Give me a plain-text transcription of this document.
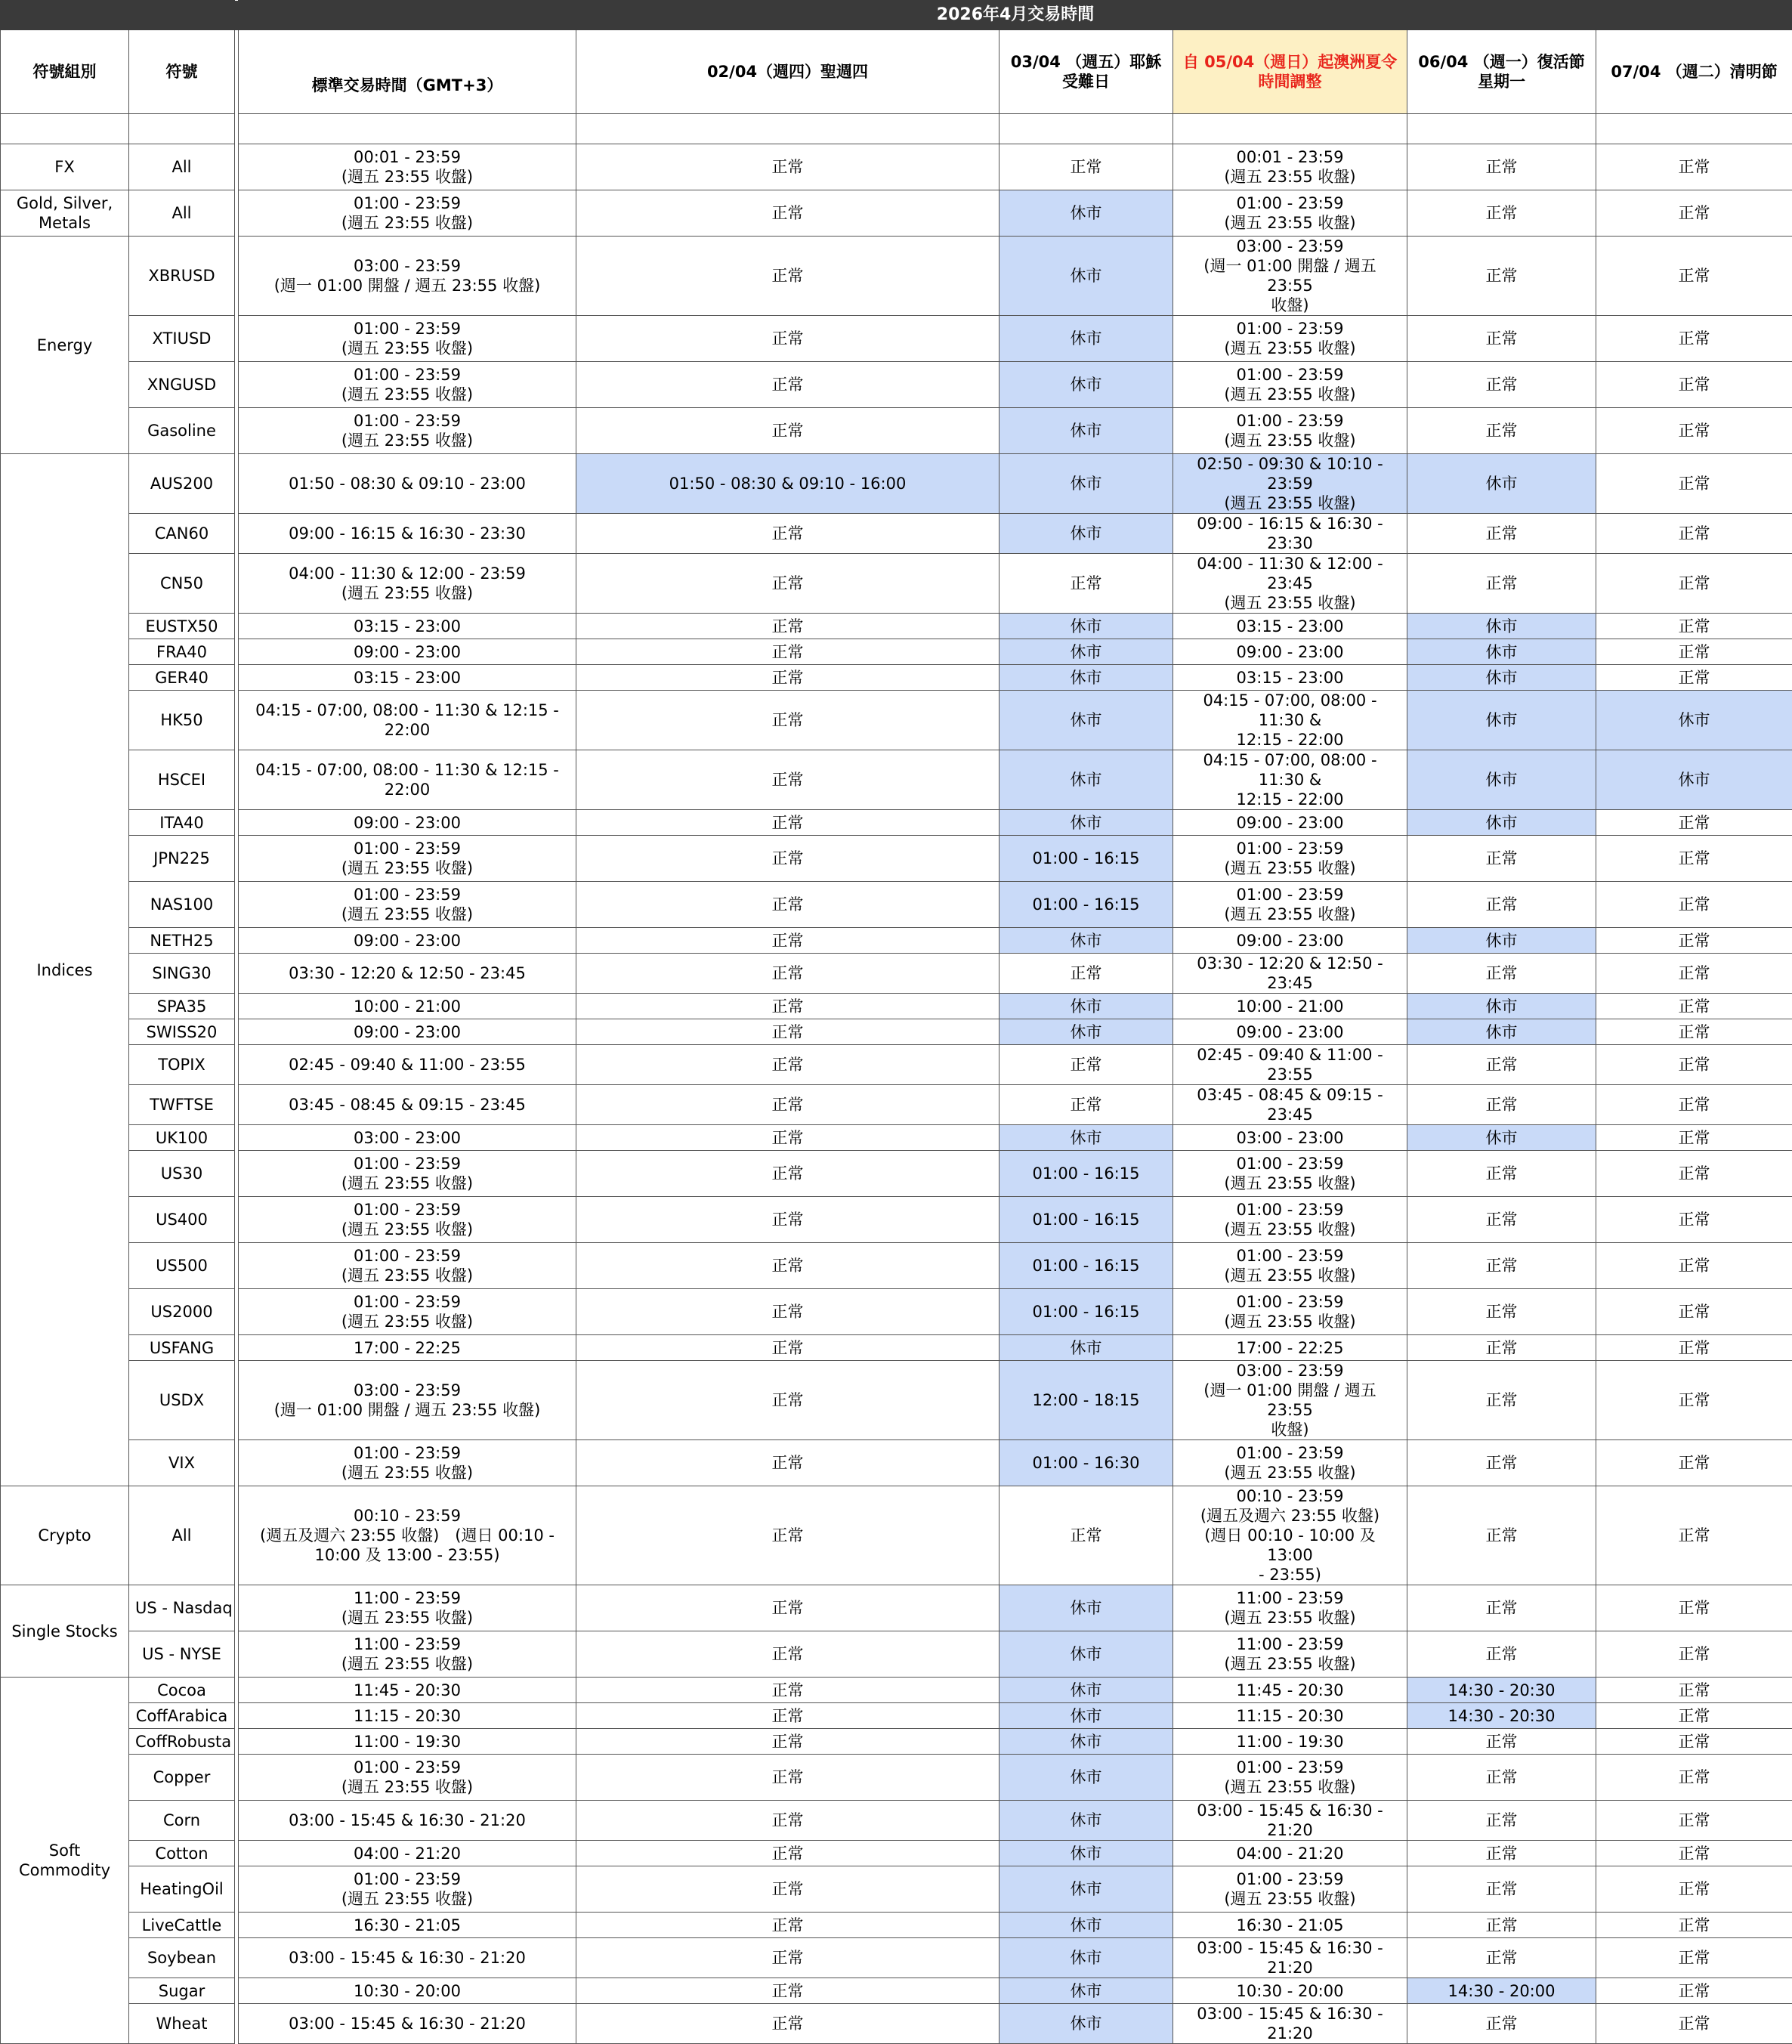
			2026年4月交易時間					
符號組別	符號		標準交易時間（GMT+3）	02/04（週四）聖週四	03/04 （週五）耶穌受難日	自 05/04（週日）起澳洲夏令時間調整	06/04 （週一）復活節星期一	07/04 （週二）清明節

FX	All		00:01 - 23:59
(週五 23:55 收盤)	正常	正常	00:01 - 23:59
(週五 23:55 收盤)	正常	正常
Gold, Silver, Metals	All		01:00 - 23:59
(週五 23:55 收盤)	正常	休市	01:00 - 23:59
(週五 23:55 收盤)	正常	正常
Energy	XBRUSD		03:00 - 23:59
(週一 01:00 開盤 / 週五 23:55 收盤)	正常	休市	03:00 - 23:59
(週一 01:00 開盤 / 週五 23:55
收盤)	正常	正常
	XTIUSD		01:00 - 23:59
(週五 23:55 收盤)	正常	休市	01:00 - 23:59
(週五 23:55 收盤)	正常	正常
	XNGUSD		01:00 - 23:59
(週五 23:55 收盤)	正常	休市	01:00 - 23:59
(週五 23:55 收盤)	正常	正常
	Gasoline		01:00 - 23:59
(週五 23:55 收盤)	正常	休市	01:00 - 23:59
(週五 23:55 收盤)	正常	正常
Indices	AUS200		01:50 - 08:30 & 09:10 - 23:00	01:50 - 08:30 & 09:10 - 16:00	休市	02:50 - 09:30 & 10:10 - 23:59
(週五 23:55 收盤)	休市	正常
	CAN60		09:00 - 16:15 & 16:30 - 23:30	正常	休市	09:00 - 16:15 & 16:30 - 23:30	正常	正常
	CN50		04:00 - 11:30 & 12:00 - 23:59
(週五 23:55 收盤)	正常	正常	04:00 - 11:30 & 12:00 - 23:45
(週五 23:55 收盤)	正常	正常
	EUSTX50		03:15 - 23:00	正常	休市	03:15 - 23:00	休市	正常
	FRA40		09:00 - 23:00	正常	休市	09:00 - 23:00	休市	正常
	GER40		03:15 - 23:00	正常	休市	03:15 - 23:00	休市	正常
	HK50		04:15 - 07:00, 08:00 - 11:30 & 12:15 - 22:00	正常	休市	04:15 - 07:00, 08:00 - 11:30 &
12:15 - 22:00	休市	休市
	HSCEI		04:15 - 07:00, 08:00 - 11:30 & 12:15 - 22:00	正常	休市	04:15 - 07:00, 08:00 - 11:30 &
12:15 - 22:00	休市	休市
	ITA40		09:00 - 23:00	正常	休市	09:00 - 23:00	休市	正常
	JPN225		01:00 - 23:59
(週五 23:55 收盤)	正常	01:00 - 16:15	01:00 - 23:59
(週五 23:55 收盤)	正常	正常
	NAS100		01:00 - 23:59
(週五 23:55 收盤)	正常	01:00 - 16:15	01:00 - 23:59
(週五 23:55 收盤)	正常	正常
	NETH25		09:00 - 23:00	正常	休市	09:00 - 23:00	休市	正常
	SING30		03:30 - 12:20 & 12:50 - 23:45	正常	正常	03:30 - 12:20 & 12:50 - 23:45	正常	正常
	SPA35		10:00 - 21:00	正常	休市	10:00 - 21:00	休市	正常
	SWISS20		09:00 - 23:00	正常	休市	09:00 - 23:00	休市	正常
	TOPIX		02:45 - 09:40 & 11:00 - 23:55	正常	正常	02:45 - 09:40 & 11:00 - 23:55	正常	正常
	TWFTSE		03:45 - 08:45 & 09:15 - 23:45	正常	正常	03:45 - 08:45 & 09:15 - 23:45	正常	正常
	UK100		03:00 - 23:00	正常	休市	03:00 - 23:00	休市	正常
	US30		01:00 - 23:59
(週五 23:55 收盤)	正常	01:00 - 16:15	01:00 - 23:59
(週五 23:55 收盤)	正常	正常
	US400		01:00 - 23:59
(週五 23:55 收盤)	正常	01:00 - 16:15	01:00 - 23:59
(週五 23:55 收盤)	正常	正常
	US500		01:00 - 23:59
(週五 23:55 收盤)	正常	01:00 - 16:15	01:00 - 23:59
(週五 23:55 收盤)	正常	正常
	US2000		01:00 - 23:59
(週五 23:55 收盤)	正常	01:00 - 16:15	01:00 - 23:59
(週五 23:55 收盤)	正常	正常
	USFANG		17:00 - 22:25	正常	休市	17:00 - 22:25	正常	正常
	USDX		03:00 - 23:59
(週一 01:00 開盤 / 週五 23:55 收盤)	正常	12:00 - 18:15	03:00 - 23:59
(週一 01:00 開盤 / 週五 23:55
收盤)	正常	正常
	VIX		01:00 - 23:59
(週五 23:55 收盤)	正常	01:00 - 16:30	01:00 - 23:59
(週五 23:55 收盤)	正常	正常
Crypto	All		00:10 - 23:59
(週五及週六 23:55 收盤)　(週日 00:10 -
10:00 及 13:00 - 23:55)	正常	正常	00:10 - 23:59
(週五及週六 23:55 收盤)
(週日 00:10 - 10:00 及 13:00
- 23:55)	正常	正常
Single Stocks	US - Nasdaq		11:00 - 23:59
(週五 23:55 收盤)	正常	休市	11:00 - 23:59
(週五 23:55 收盤)	正常	正常
	US - NYSE		11:00 - 23:59
(週五 23:55 收盤)	正常	休市	11:00 - 23:59
(週五 23:55 收盤)	正常	正常
Soft Commodity	Cocoa		11:45 - 20:30	正常	休市	11:45 - 20:30	14:30 - 20:30	正常
	CoffArabica		11:15 - 20:30	正常	休市	11:15 - 20:30	14:30 - 20:30	正常
	CoffRobusta		11:00 - 19:30	正常	休市	11:00 - 19:30	正常	正常
	Copper		01:00 - 23:59
(週五 23:55 收盤)	正常	休市	01:00 - 23:59
(週五 23:55 收盤)	正常	正常
	Corn		03:00 - 15:45 & 16:30 - 21:20	正常	休市	03:00 - 15:45 & 16:30 - 21:20	正常	正常
	Cotton		04:00 - 21:20	正常	休市	04:00 - 21:20	正常	正常
	HeatingOil		01:00 - 23:59
(週五 23:55 收盤)	正常	休市	01:00 - 23:59
(週五 23:55 收盤)	正常	正常
	LiveCattle		16:30 - 21:05	正常	休市	16:30 - 21:05	正常	正常
	Soybean		03:00 - 15:45 & 16:30 - 21:20	正常	休市	03:00 - 15:45 & 16:30 - 21:20	正常	正常
	Sugar		10:30 - 20:00	正常	休市	10:30 - 20:00	14:30 - 20:00	正常
	Wheat		03:00 - 15:45 & 16:30 - 21:20	正常	休市	03:00 - 15:45 & 16:30 - 21:20	正常	正常
